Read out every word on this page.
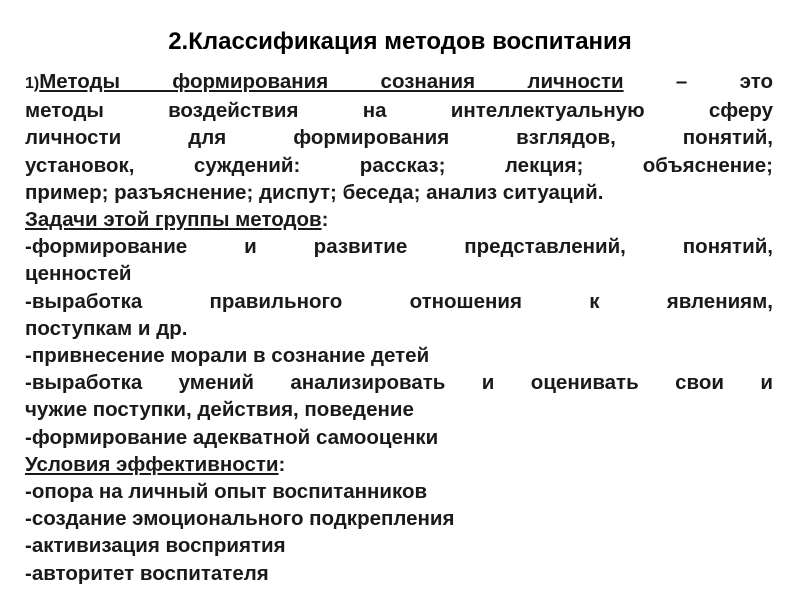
2.Классификация методов воспитания
1)Методы формирования сознания личности – это
методы воздействия на интеллектуальную сферу
личности для формирования взглядов, понятий,
установок, суждений: рассказ; лекция; объяснение;
пример; разъяснение; диспут; беседа; анализ ситуаций.
Задачи этой группы методов:
-формирование и развитие представлений, понятий,
ценностей
-выработка правильного отношения к явлениям,
поступкам и др.
-привнесение морали в сознание детей
-выработка умений анализировать и оценивать свои и
чужие поступки, действия, поведение
-формирование адекватной самооценки
Условия эффективности:
-опора на личный опыт воспитанников
-создание эмоционального подкрепления
-активизация восприятия
-авторитет воспитателя
